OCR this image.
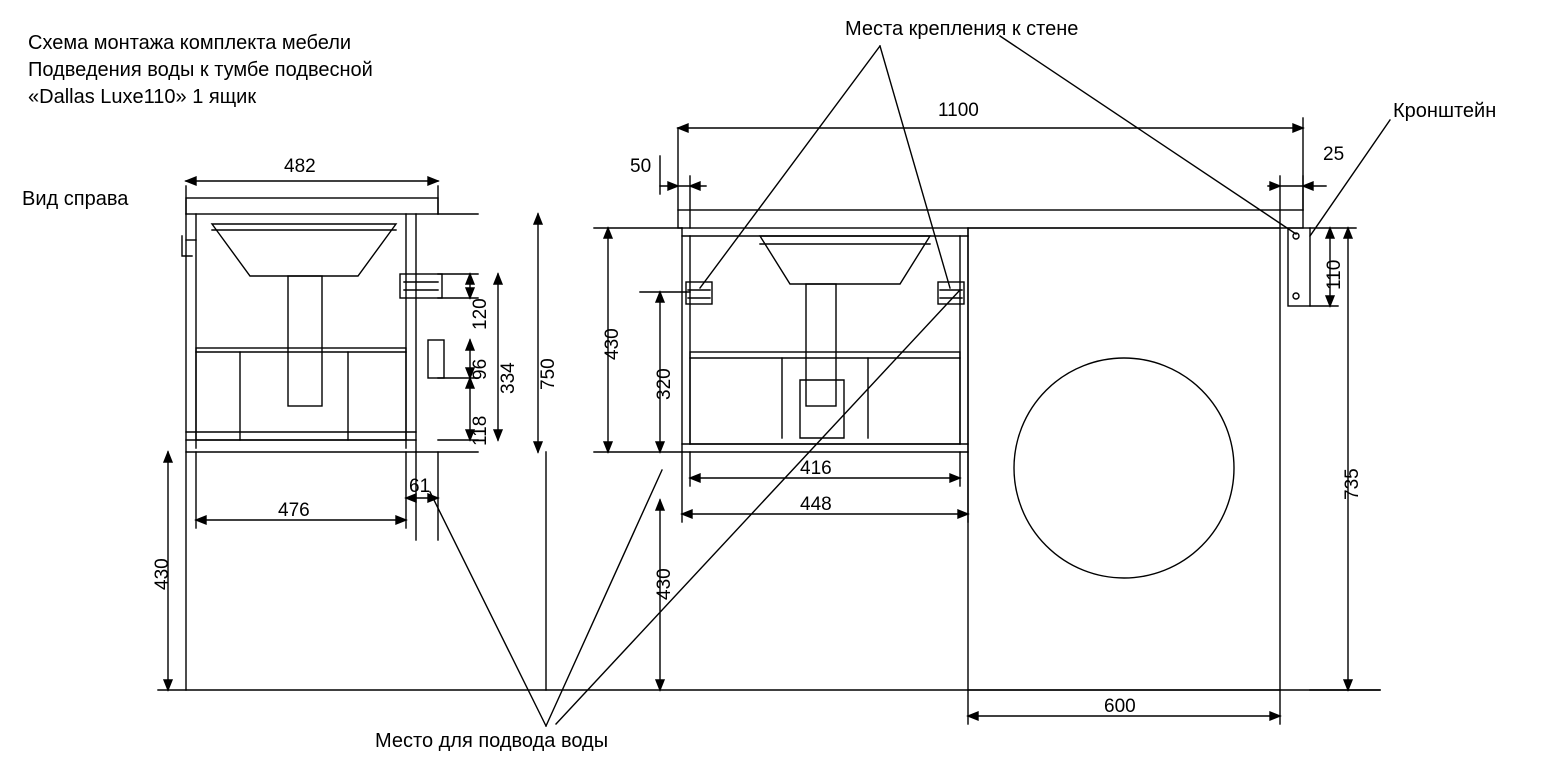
Схема монтажа комплекта мебели
Подведения воды к тумбе подвесной
«Dallas Luxe110» 1 ящик
Вид справа
Места крепления к стене
Кронштейн
Место для подвода воды
482
476
61
120
96
118
334 750
430
1100
50
25
430
320
430
416
448
600
735
110
